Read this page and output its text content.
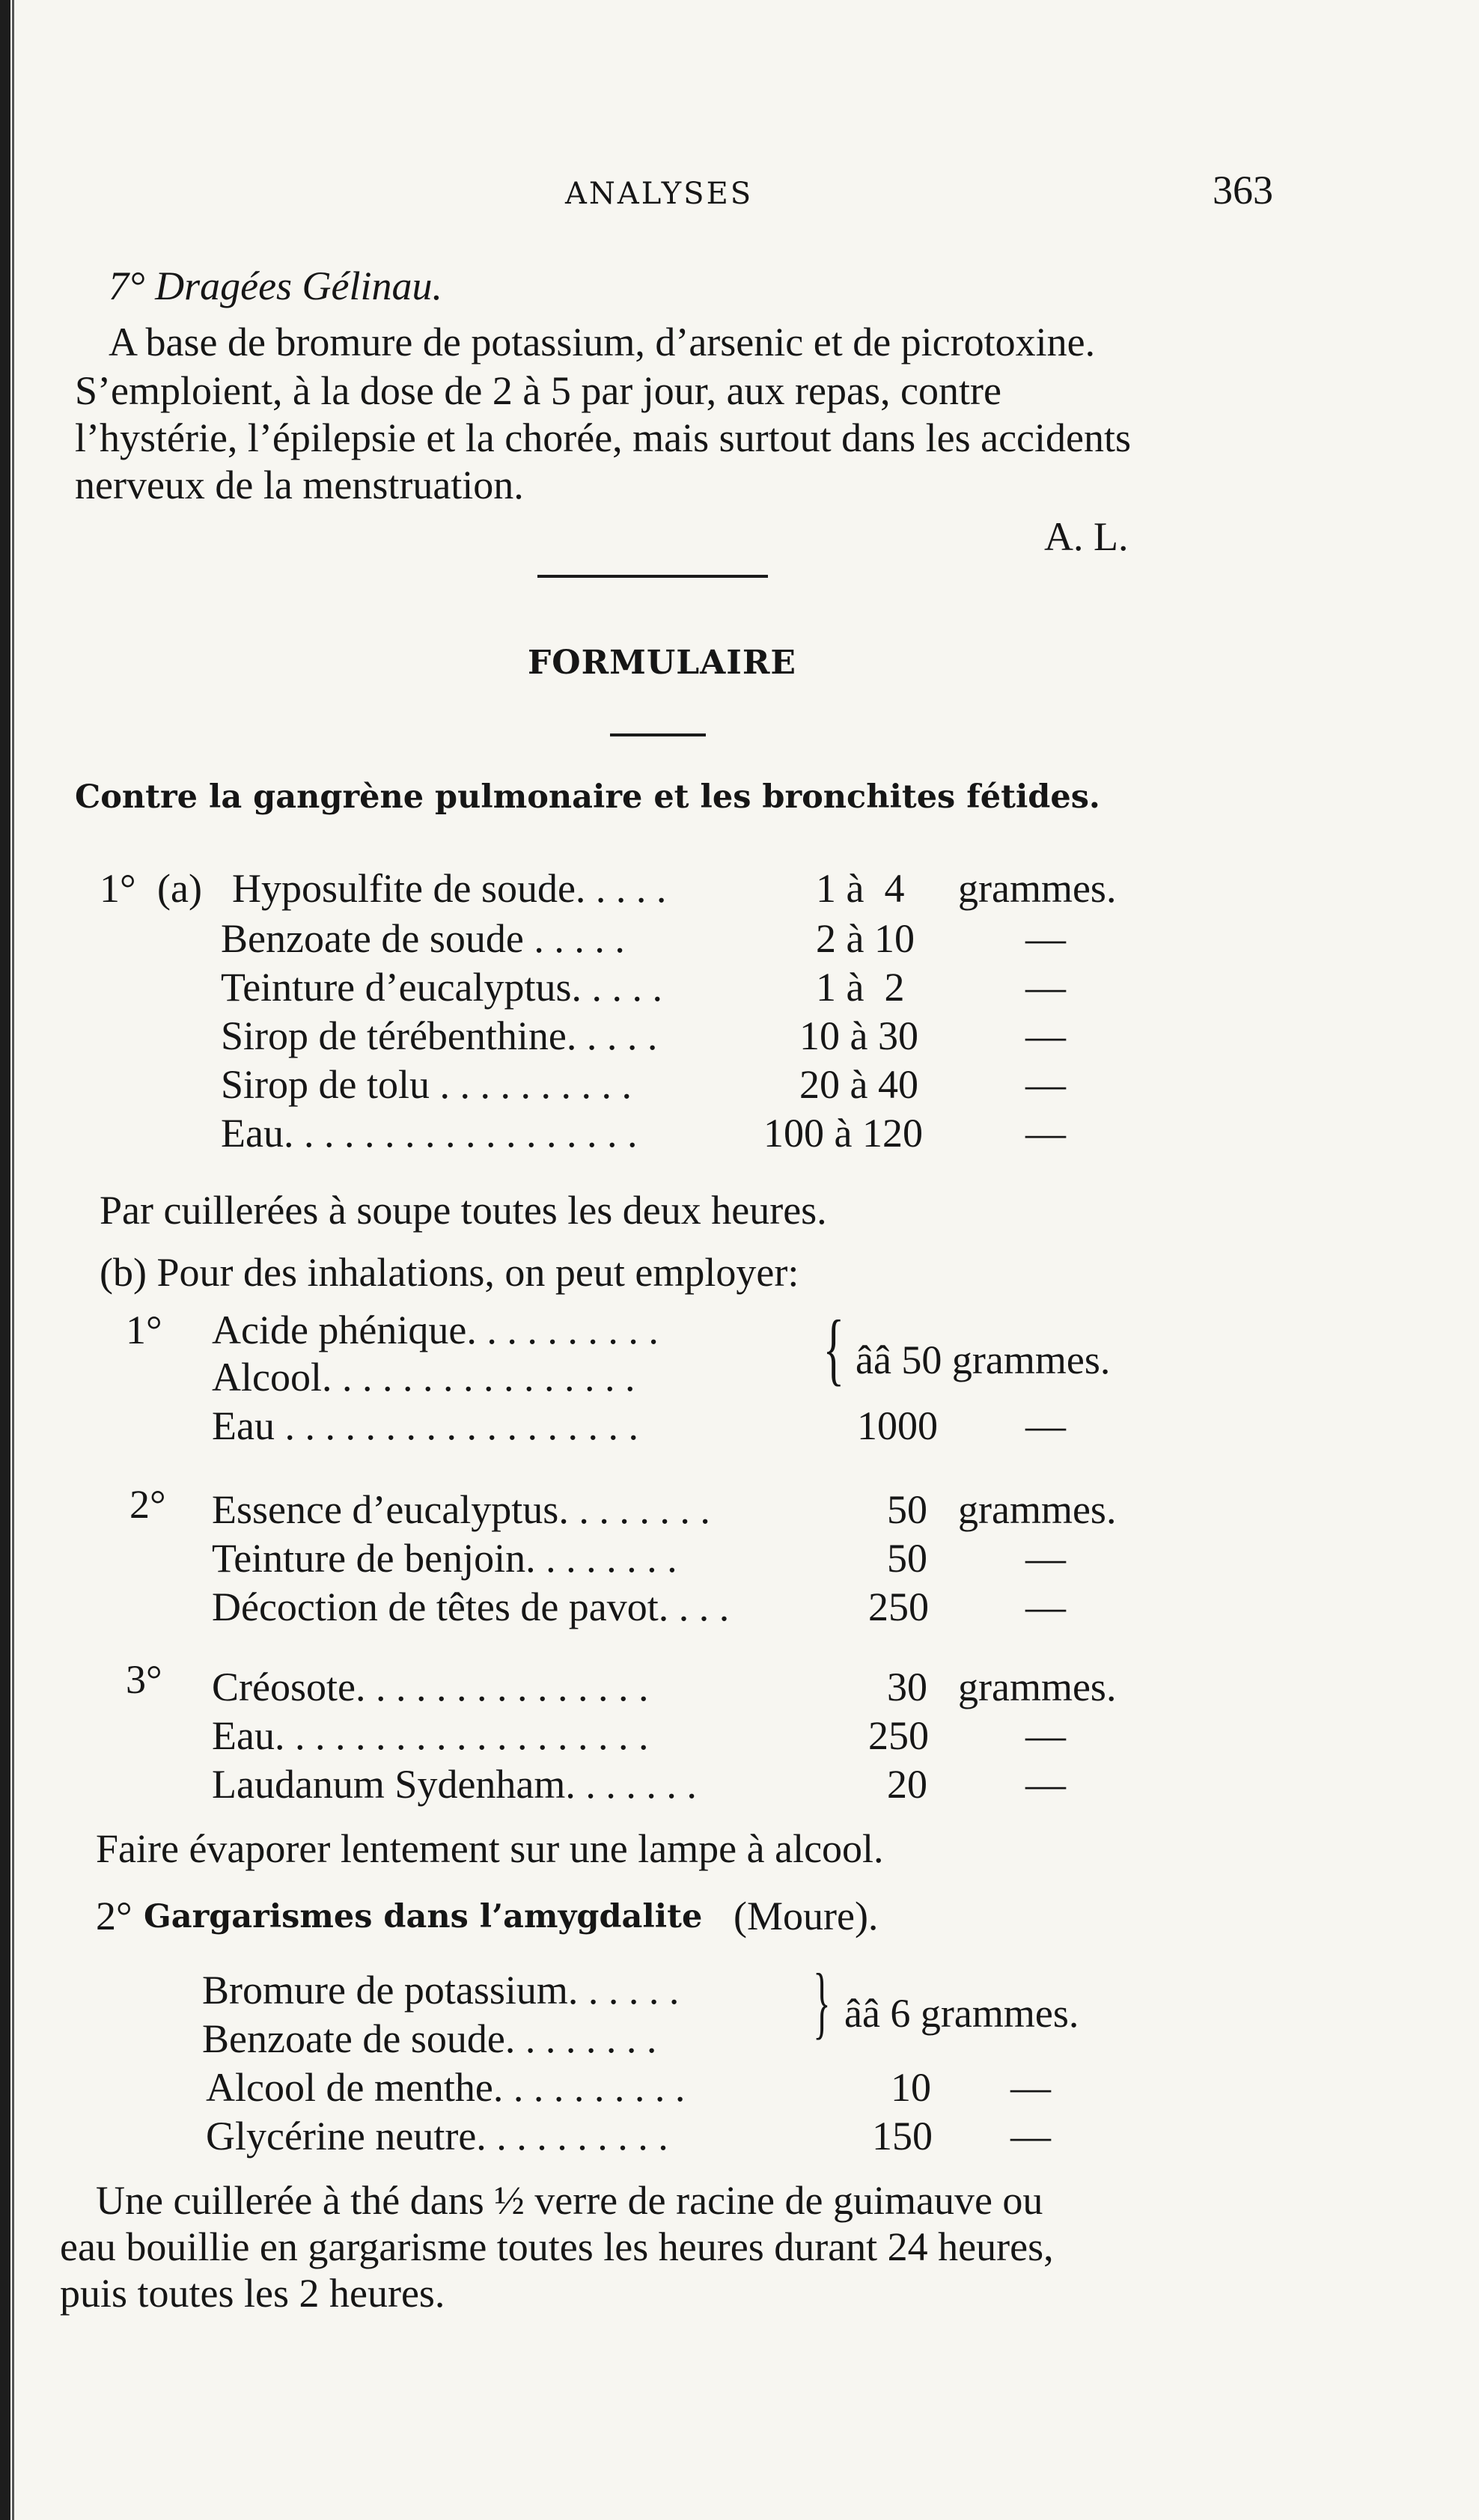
ANALYSES	363
7° Dragées Gélinau.
A base de bromure de potassium, d’arsenic et de picrotoxine.
S’emploient, à la dose de 2 à 5 par jour, aux repas, contre
l’hystérie, l’épilepsie et la chorée, mais surtout dans les accidents
nerveux de la menstruation.
A. L.
FORMULAIRE
Contre la gangrène pulmonaire et les bronchites fétides.
1° (a) Hyposulfite de soude. . . . .	1 à  4 grammes.
Benzoate de soude . . . . .	2 à 10	—
Teinture d’eucalyptus. . . . .	1 à  2	—
Sirop de térébenthine. . . . .	10 à 30	—
Sirop de tolu . . . . . . . . . .	20 à 40	—
Eau. . . . . . . . . . . . . . . . . .	100 à 120	—
Par cuillerées à soupe toutes les deux heures.
(b) Pour des inhalations, on peut employer:
1° Acide phénique. . . . . . . . . .
Alcool. . . . . . . . . . . . . . . . { ââ 50 grammes.
Eau . . . . . . . . . . . . . . . . . .	1000 —
2° Essence d’eucalyptus. . . . . . . .	50 grammes.
Teinture de benjoin. . . . . . . .	50 —
Décoction de têtes de pavot. . . .	250 —
3° Créosote. . . . . . . . . . . . . . .	30 grammes.
Eau. . . . . . . . . . . . . . . . . . .	250 —
Laudanum Sydenham. . . . . . .	20 —
Faire évaporer lentement sur une lampe à alcool.
2° Gargarismes dans l’amygdalite (Moure).
Bromure de potassium. . . . . .
Benzoate de soude. . . . . . . . } ââ 6 grammes.
Alcool de menthe. . . . . . . . . .	10 —
Glycérine neutre. . . . . . . . . .	150 —
Une cuillerée à thé dans ½ verre de racine de guimauve ou
eau bouillie en gargarisme toutes les heures durant 24 heures,
puis toutes les 2 heures.
